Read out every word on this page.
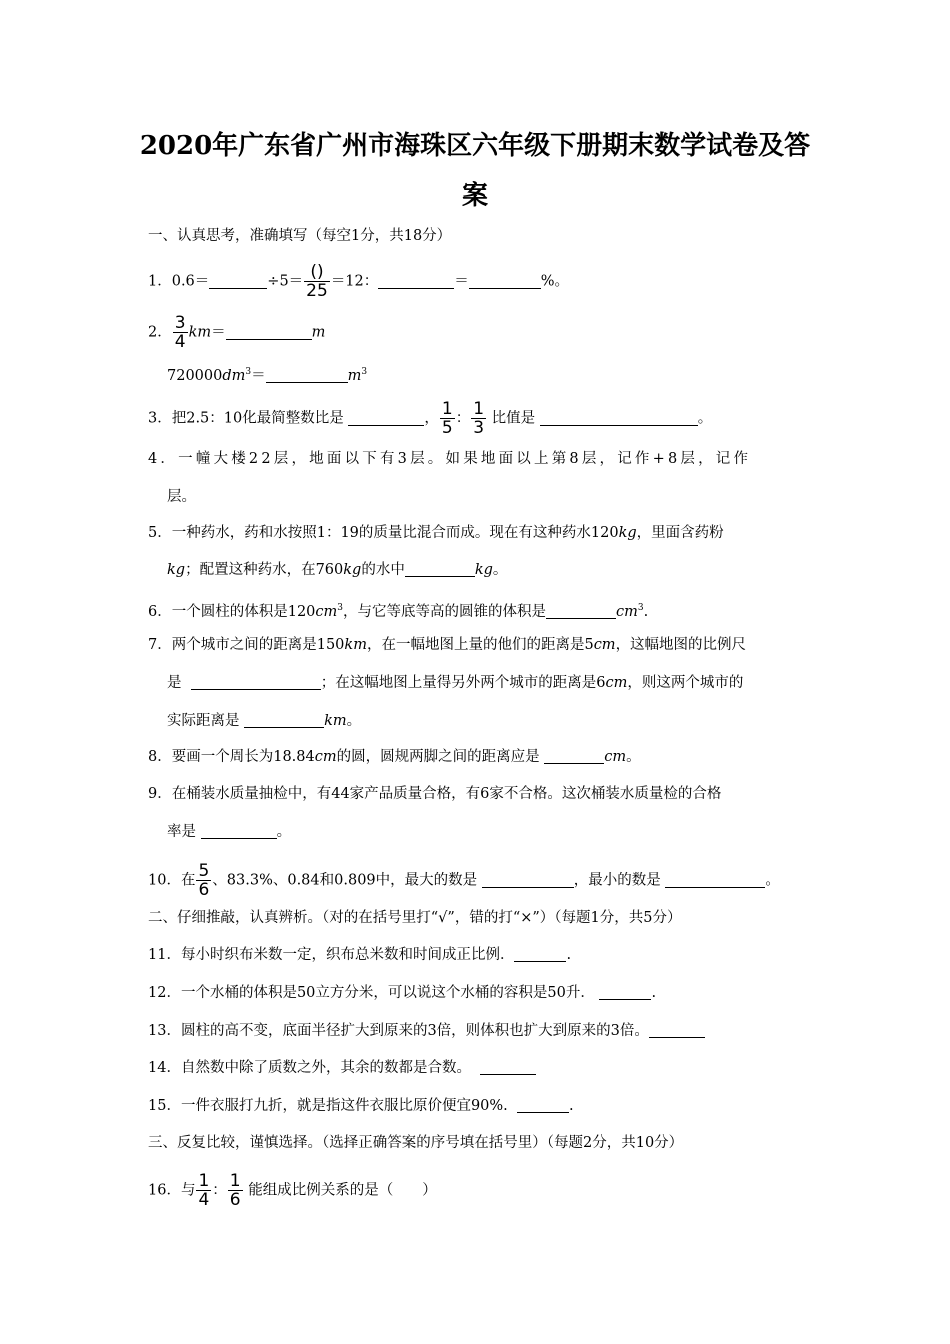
2020年广东省广州市海珠区六年级下册期末数学试卷及答
案
一、认真思考，准确填写（每空1分，共18分）
1．0.6＝	$\div 5= \frac{()}{25} =12$：	＝	%。
2． $\frac{3}{4} km=$	m
$720000dm^3=$	$m^3$
3．把2.5：10化最简整数比是	， $\frac{1}{5}$ ： $\frac{1}{3}$ 比值是	。
4．一幢大楼22层，地面以下有3层。如果地面以上第8层，记作+8层，记作
层。
5．一种药水，药和水按照1：19的质量比混合而成。现在有这种药水120kg，里面含药粉
kg；配置这种药水，在760kg的水中	kg。
6．一个圆柱的体积是$120cm^3$，与它等底等高的圆锥的体积是	$cm^3$.
7．两个城市之间的距离是150km，在一幅地图上量的他们的距离是5cm，这幅地图的比例尺
是	；在这幅地图上量得另外两个城市的距离是6cm，则这两个城市的
实际距离是	km。
8．要画一个周长为18.84cm的圆，圆规两脚之间的距离应是	cm。
9．在桶装水质量抽检中，有44家产品质量合格，有6家不合格。这次桶装水质量检的合格
率是	。
10．在 $\frac{5}{6}$ 、83.3%、0.84和0.809中，最大的数是	，最小的数是	。
二、仔细推敲，认真辨析。（对的在括号里打“√”，错的打“×”）（每题1分，共5分）
11．每小时织布米数一定，织布总米数和时间成正比例．	.
12．一个水桶的体积是50立方分米，可以说这个水桶的容积是50升．	.
13．圆柱的高不变，底面半径扩大到原来的3倍，则体积也扩大到原来的3倍。
14．自然数中除了质数之外，其余的数都是合数。
15．一件衣服打九折，就是指这件衣服比原价便宜90%.	.
三、反复比较，谨慎选择。（选择正确答案的序号填在括号里）（每题2分，共10分）
16．与 $\frac{1}{4}$ ： $\frac{1}{6}$ 能组成比例关系的是（　　）
